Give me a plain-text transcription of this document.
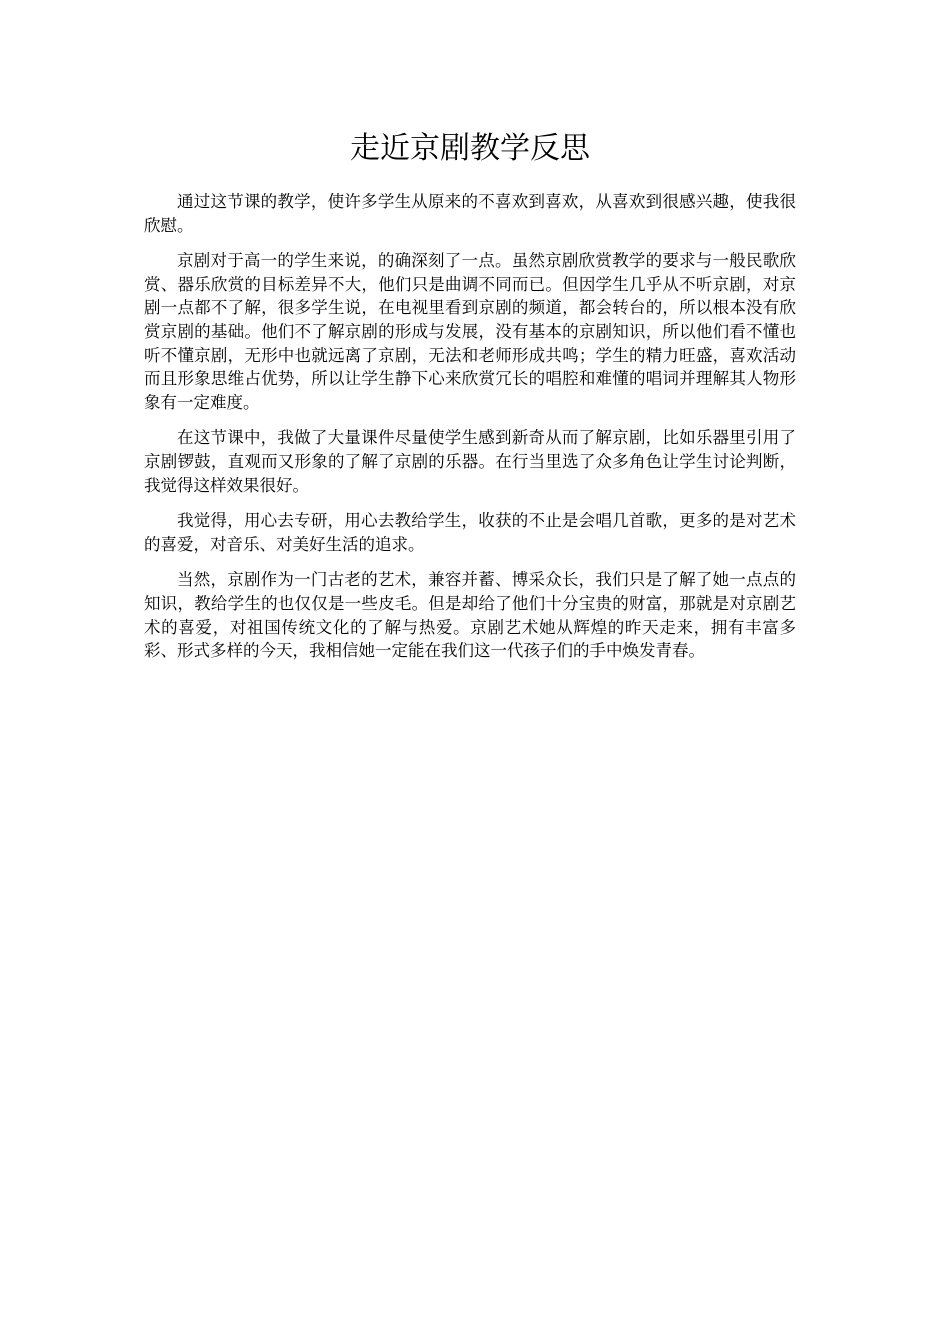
走近京剧教学反思

通过这节课的教学，使许多学生从原来的不喜欢到喜欢，从喜欢到很感兴趣，使我很欣慰。

京剧对于高一的学生来说，的确深刻了一点。虽然京剧欣赏教学的要求与一般民歌欣赏、器乐欣赏的目标差异不大，他们只是曲调不同而已。但因学生几乎从不听京剧，对京剧一点都不了解，很多学生说，在电视里看到京剧的频道，都会转台的，所以根本没有欣赏京剧的基础。他们不了解京剧的形成与发展，没有基本的京剧知识，所以他们看不懂也听不懂京剧，无形中也就远离了京剧，无法和老师形成共鸣；学生的精力旺盛，喜欢活动而且形象思维占优势，所以让学生静下心来欣赏冗长的唱腔和难懂的唱词并理解其人物形象有一定难度。

在这节课中，我做了大量课件尽量使学生感到新奇从而了解京剧，比如乐器里引用了京剧锣鼓，直观而又形象的了解了京剧的乐器。在行当里选了众多角色让学生讨论判断，我觉得这样效果很好。

我觉得，用心去专研，用心去教给学生，收获的不止是会唱几首歌，更多的是对艺术的喜爱，对音乐、对美好生活的追求。

当然，京剧作为一门古老的艺术，兼容并蓄、博采众长，我们只是了解了她一点点的知识，教给学生的也仅仅是一些皮毛。但是却给了他们十分宝贵的财富，那就是对京剧艺术的喜爱，对祖国传统文化的了解与热爱。京剧艺术她从辉煌的昨天走来，拥有丰富多彩、形式多样的今天，我相信她一定能在我们这一代孩子们的手中焕发青春。
